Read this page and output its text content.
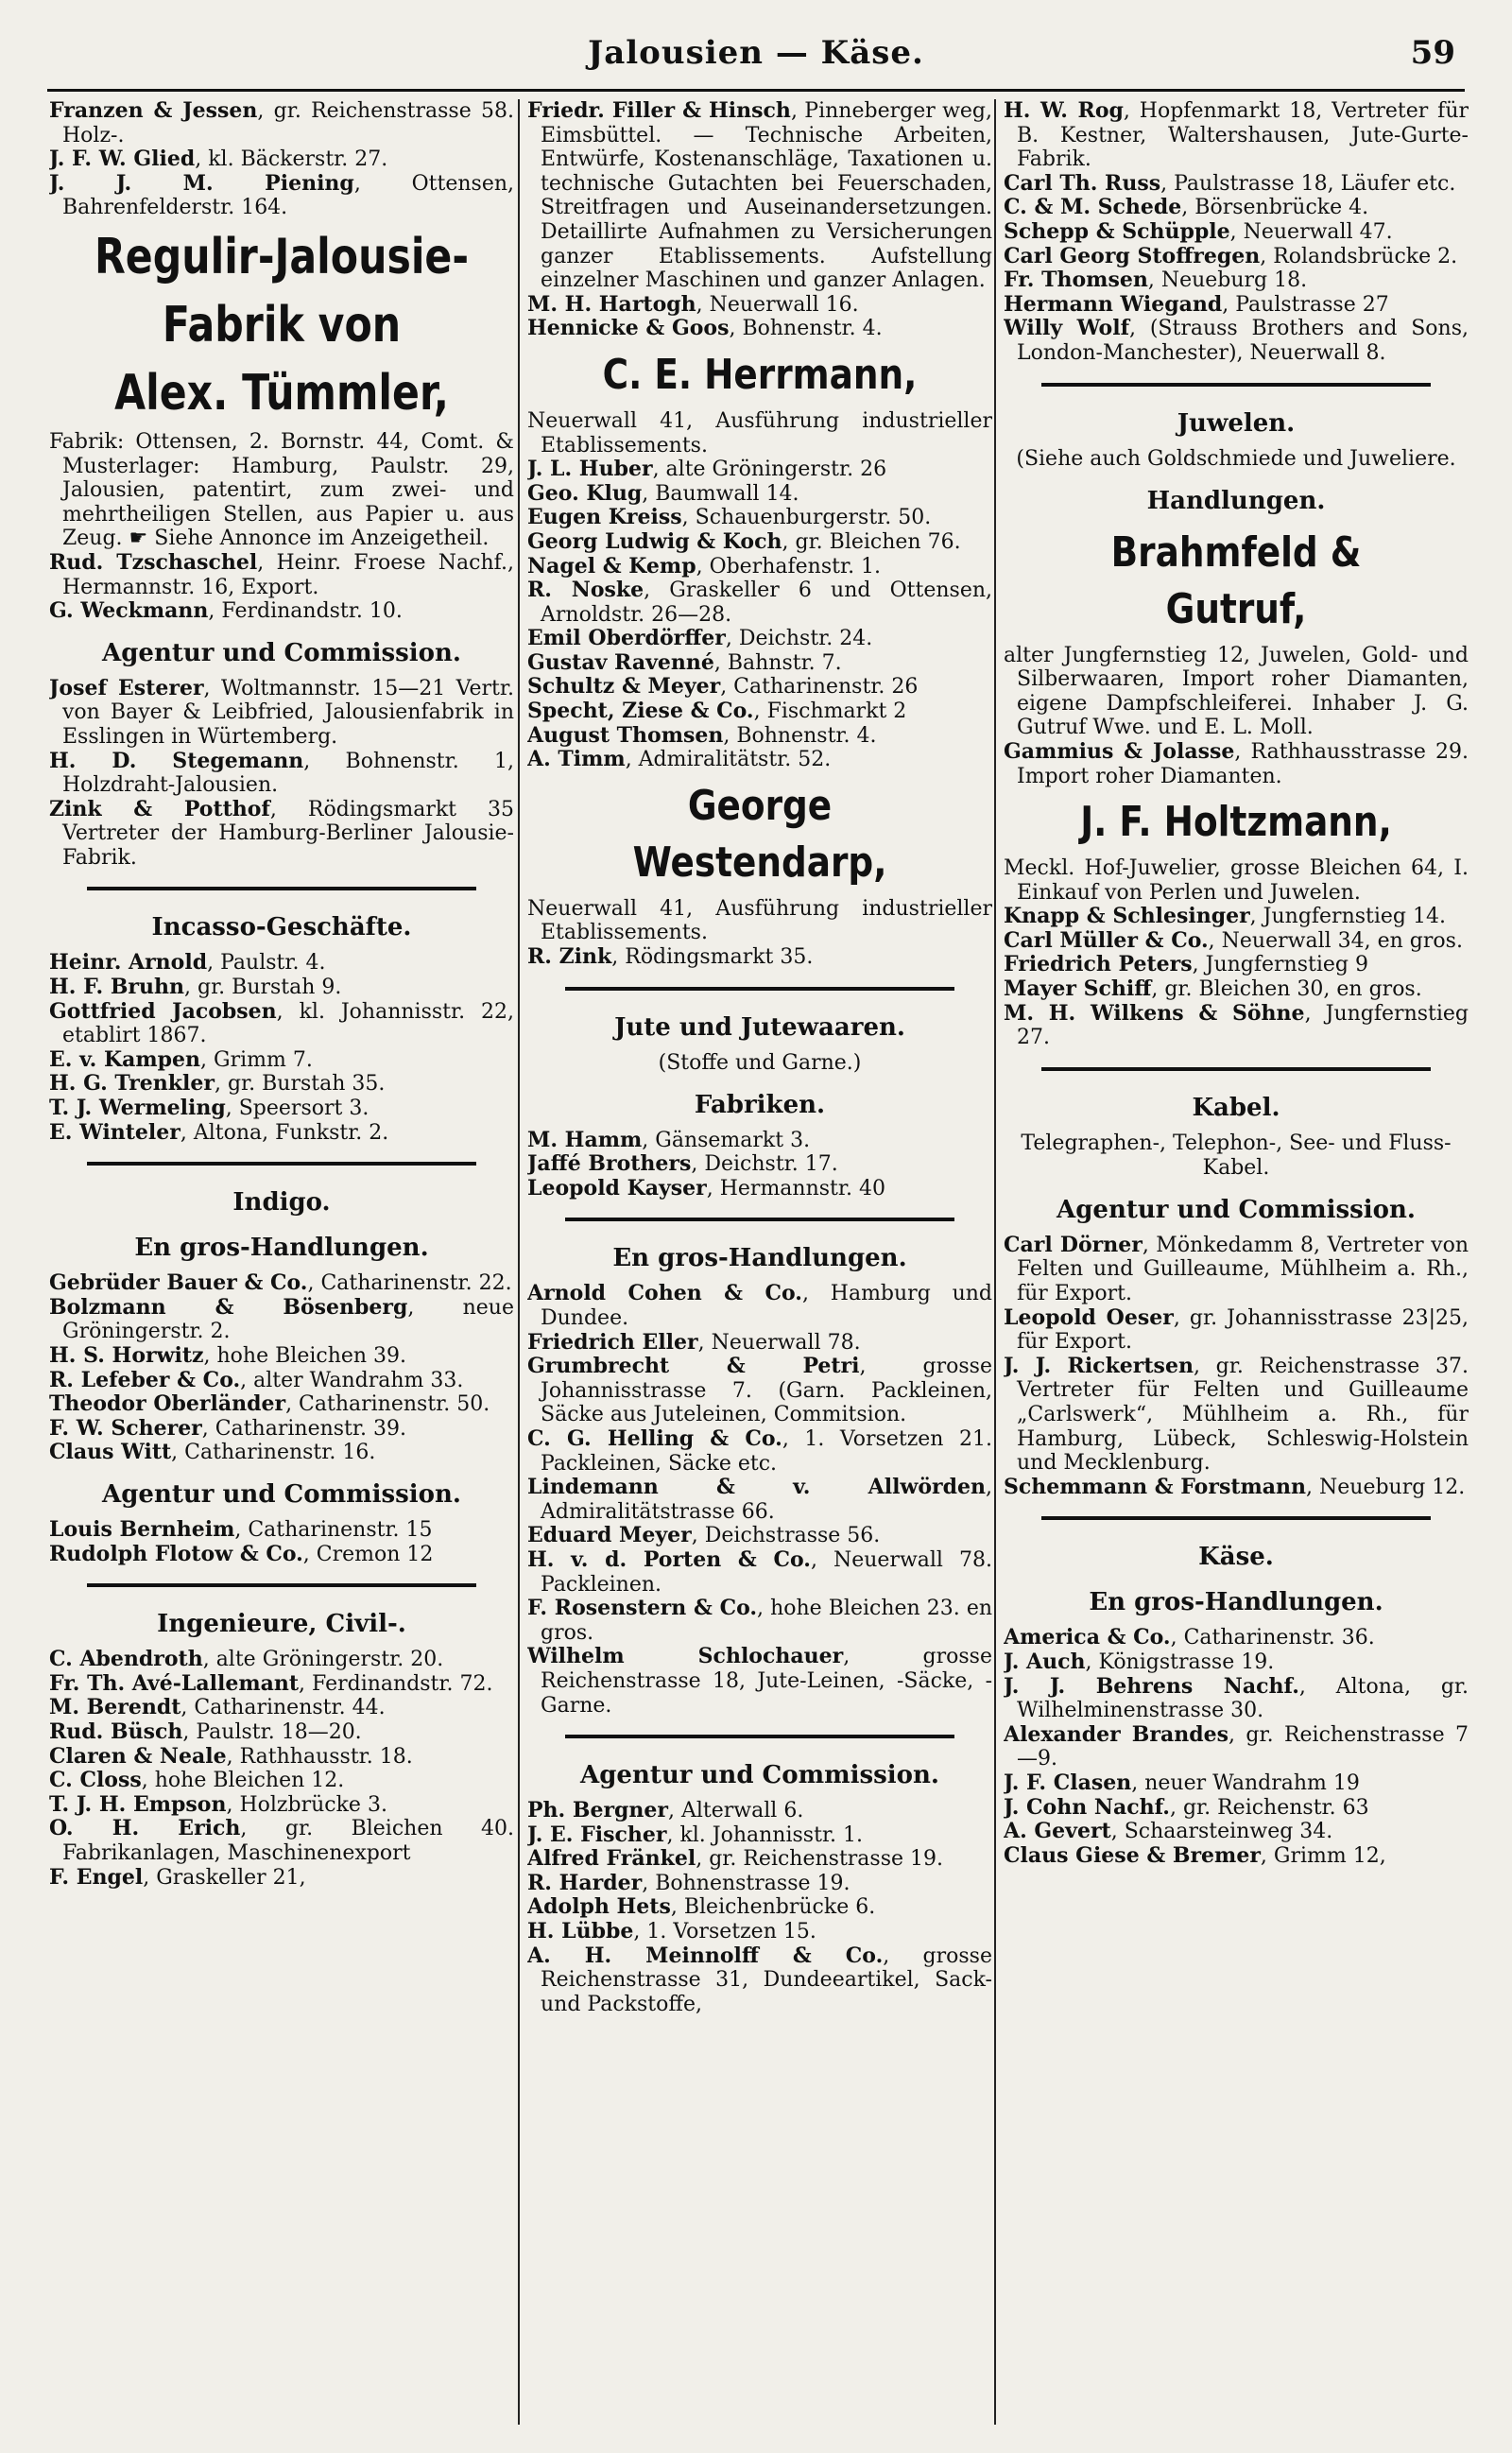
Jalousien — Käse.	59

Franzen & Jessen, gr. Reichenstrasse 58. Holz-.

J. F. W. Glied, kl. Bäckerstr. 27.

J. J. M. Piening, Ottensen, Bahrenfelderstr. 164.

Regulir-Jalousie-
Fabrik von
Alex. Tümmler,

Fabrik: Ottensen, 2. Bornstr. 44, Comt. & Musterlager: Hamburg, Paulstr. 29, Jalousien, patentirt, zum zwei- und mehrtheiligen Stellen, aus Papier u. aus Zeug. ☛ Siehe Annonce im Anzeigetheil.

Rud. Tzschaschel, Heinr. Froese Nachf., Hermannstr. 16, Export.

G. Weckmann, Ferdinandstr. 10.

Agentur und Commission.

Josef Esterer, Woltmannstr. 15—21 Vertr. von Bayer & Leibfried, Jalousienfabrik in Esslingen in Würtemberg.

H. D. Stegemann, Bohnenstr. 1, Holzdraht-Jalousien.

Zink & Potthof, Rödingsmarkt 35 Vertreter der Hamburg-Berliner Jalousie-Fabrik.

Incasso-Geschäfte.

Heinr. Arnold, Paulstr. 4.

H. F. Bruhn, gr. Burstah 9.

Gottfried Jacobsen, kl. Johannisstr. 22, etablirt 1867.

E. v. Kampen, Grimm 7.

H. G. Trenkler, gr. Burstah 35.

T. J. Wermeling, Speersort 3.

E. Winteler, Altona, Funkstr. 2.

Indigo.
En gros-Handlungen.

Gebrüder Bauer & Co., Catharinenstr. 22.

Bolzmann & Bösenberg, neue Gröningerstr. 2.

H. S. Horwitz, hohe Bleichen 39.

R. Lefeber & Co., alter Wandrahm 33.

Theodor Oberländer, Catharinenstr. 50.

F. W. Scherer, Catharinenstr. 39.

Claus Witt, Catharinenstr. 16.

Agentur und Commission.

Louis Bernheim, Catharinenstr. 15

Rudolph Flotow & Co., Cremon 12

Ingenieure, Civil-.

C. Abendroth, alte Gröningerstr. 20.

Fr. Th. Avé-Lallemant, Ferdinandstr. 72.

M. Berendt, Catharinenstr. 44.

Rud. Büsch, Paulstr. 18—20.

Claren & Neale, Rathhausstr. 18.

C. Closs, hohe Bleichen 12.

T. J. H. Empson, Holzbrücke 3.

O. H. Erich, gr. Bleichen 40. Fabrikanlagen, Maschinenexport

F. Engel, Graskeller 21,

Friedr. Filler & Hinsch, Pinneberger weg, Eimsbüttel. — Technische Arbeiten, Entwürfe, Kostenanschläge, Taxationen u. technische Gutachten bei Feuerschaden, Streitfragen und Auseinandersetzungen. Detaillirte Aufnahmen zu Versicherungen ganzer Etablissements. Aufstellung einzelner Maschinen und ganzer Anlagen.

M. H. Hartogh, Neuerwall 16.

Hennicke & Goos, Bohnenstr. 4.

C. E. Herrmann,

Neuerwall 41, Ausführung industrieller Etablissements.

J. L. Huber, alte Gröningerstr. 26

Geo. Klug, Baumwall 14.

Eugen Kreiss, Schauenburgerstr. 50.

Georg Ludwig & Koch, gr. Bleichen 76.

Nagel & Kemp, Oberhafenstr. 1.

R. Noske, Graskeller 6 und Ottensen, Arnoldstr. 26—28.

Emil Oberdörffer, Deichstr. 24.

Gustav Ravenné, Bahnstr. 7.

Schultz & Meyer, Catharinenstr. 26

Specht, Ziese & Co., Fischmarkt 2

August Thomsen, Bohnenstr. 4.

A. Timm, Admiralitätstr. 52.

George Westendarp,

Neuerwall 41, Ausführung industrieller Etablissements.

R. Zink, Rödingsmarkt 35.

Jute und Jutewaaren.
(Stoffe und Garne.)
Fabriken.

M. Hamm, Gänsemarkt 3.

Jaffé Brothers, Deichstr. 17.

Leopold Kayser, Hermannstr. 40

En gros-Handlungen.

Arnold Cohen & Co., Hamburg und Dundee.

Friedrich Eller, Neuerwall 78.

Grumbrecht & Petri, grosse Johannisstrasse 7. (Garn. Packleinen, Säcke aus Juteleinen, Commitsion.

C. G. Helling & Co., 1. Vorsetzen 21. Packleinen, Säcke etc.

Lindemann & v. Allwörden, Admiralitätstrasse 66.

Eduard Meyer, Deichstrasse 56.

H. v. d. Porten & Co., Neuerwall 78. Packleinen.

F. Rosenstern & Co., hohe Bleichen 23. en gros.

Wilhelm Schlochauer, grosse Reichenstrasse 18, Jute-Leinen, -Säcke, -Garne.

Agentur und Commission.

Ph. Bergner, Alterwall 6.

J. E. Fischer, kl. Johannisstr. 1.

Alfred Fränkel, gr. Reichenstrasse 19.

R. Harder, Bohnenstrasse 19.

Adolph Hets, Bleichenbrücke 6.

H. Lübbe, 1. Vorsetzen 15.

A. H. Meinnolff & Co., grosse Reichenstrasse 31, Dundeeartikel, Sack- und Packstoffe,

H. W. Rog, Hopfenmarkt 18, Vertreter für B. Kestner, Waltershausen, Jute-Gurte-Fabrik.

Carl Th. Russ, Paulstrasse 18, Läufer etc.

C. & M. Schede, Börsenbrücke 4.

Schepp & Schüpple, Neuerwall 47.

Carl Georg Stoffregen, Rolandsbrücke 2.

Fr. Thomsen, Neueburg 18.

Hermann Wiegand, Paulstrasse 27

Willy Wolf, (Strauss Brothers and Sons, London-Manchester), Neuerwall 8.

Juwelen.
(Siehe auch Goldschmiede und Juweliere.
Handlungen.
Brahmfeld & Gutruf,

alter Jungfernstieg 12, Juwelen, Gold- und Silberwaaren, Import roher Diamanten, eigene Dampfschleiferei. Inhaber J. G. Gutruf Wwe. und E. L. Moll.

Gammius & Jolasse, Rathhausstrasse 29. Import roher Diamanten.

J. F. Holtzmann,

Meckl. Hof-Juwelier, grosse Bleichen 64, I. Einkauf von Perlen und Juwelen.

Knapp & Schlesinger, Jungfernstieg 14.

Carl Müller & Co., Neuerwall 34, en gros.

Friedrich Peters, Jungfernstieg 9

Mayer Schiff, gr. Bleichen 30, en gros.

M. H. Wilkens & Söhne, Jungfernstieg 27.

Kabel.
Telegraphen-, Telephon-, See- und Fluss-Kabel.
Agentur und Commission.

Carl Dörner, Mönkedamm 8, Vertreter von Felten und Guilleaume, Mühlheim a. Rh., für Export.

Leopold Oeser, gr. Johannisstrasse 23|25, für Export.

J. J. Rickertsen, gr. Reichenstrasse 37. Vertreter für Felten und Guilleaume „Carlswerk“, Mühlheim a. Rh., für Hamburg, Lübeck, Schleswig-Holstein und Mecklenburg.

Schemmann & Forstmann, Neueburg 12.

Käse.
En gros-Handlungen.

America & Co., Catharinenstr. 36.

J. Auch, Königstrasse 19.

J. J. Behrens Nachf., Altona, gr. Wilhelminenstrasse 30.

Alexander Brandes, gr. Reichenstrasse 7—9.

J. F. Clasen, neuer Wandrahm 19

J. Cohn Nachf., gr. Reichenstr. 63

A. Gevert, Schaarsteinweg 34.

Claus Giese & Bremer, Grimm 12,
